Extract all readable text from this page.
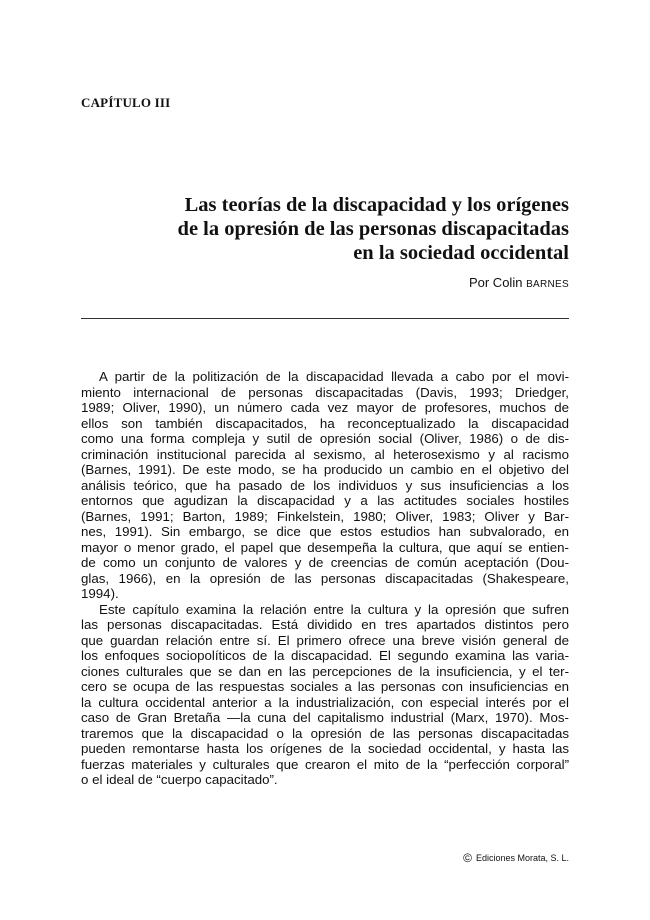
CAPÍTULO III
Las teorías de la discapacidad y los orígenes
de la opresión de las personas discapacitadas
en la sociedad occidental
Por Colin BARNES
A partir de la politización de la discapacidad llevada a cabo por el movi-
miento internacional de personas discapacitadas (Davis, 1993; Driedger,
1989; Oliver, 1990), un número cada vez mayor de profesores, muchos de
ellos son también discapacitados, ha reconceptualizado la discapacidad
como una forma compleja y sutil de opresión social (Oliver, 1986) o de dis-
criminación institucional parecida al sexismo, al heterosexismo y al racismo
(Barnes, 1991). De este modo, se ha producido un cambio en el objetivo del
análisis teórico, que ha pasado de los individuos y sus insuficiencias a los
entornos que agudizan la discapacidad y a las actitudes sociales hostiles
(Barnes, 1991; Barton, 1989; Finkelstein, 1980; Oliver, 1983; Oliver y Bar-
nes, 1991). Sin embargo, se dice que estos estudios han subvalorado, en
mayor o menor grado, el papel que desempeña la cultura, que aquí se entien-
de como un conjunto de valores y de creencias de común aceptación (Dou-
glas, 1966), en la opresión de las personas discapacitadas (Shakespeare,
1994).
Este capítulo examina la relación entre la cultura y la opresión que sufren
las personas discapacitadas. Está dividido en tres apartados distintos pero
que guardan relación entre sí. El primero ofrece una breve visión general de
los enfoques sociopolíticos de la discapacidad. El segundo examina las varia-
ciones culturales que se dan en las percepciones de la insuficiencia, y el ter-
cero se ocupa de las respuestas sociales a las personas con insuficiencias en
la cultura occidental anterior a la industrialización, con especial interés por el
caso de Gran Bretaña —la cuna del capitalismo industrial (Marx, 1970). Mos-
traremos que la discapacidad o la opresión de las personas discapacitadas
pueden remontarse hasta los orígenes de la sociedad occidental, y hasta las
fuerzas materiales y culturales que crearon el mito de la “perfección corporal”
o el ideal de “cuerpo capacitado”.
© Ediciones Morata, S. L.
